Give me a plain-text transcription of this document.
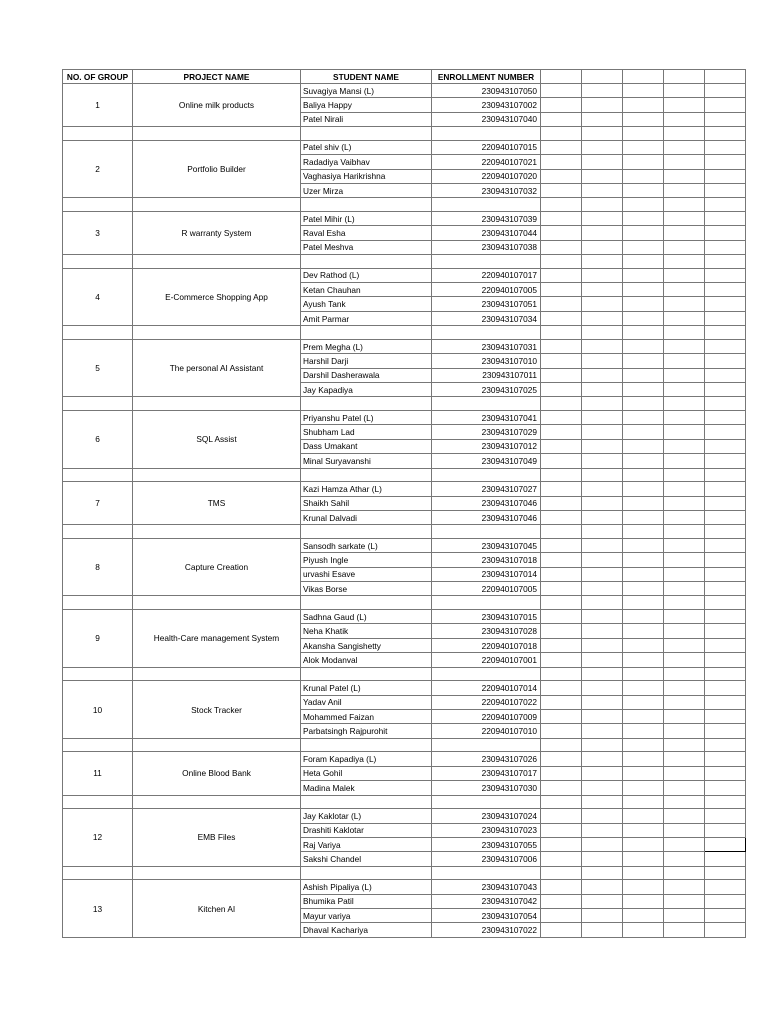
NO. OF GROUP	PROJECT NAME	STUDENT NAME	ENROLLMENT NUMBER					
1	Online milk products	Suvagiya Mansi (L)	230943107050					
		Baliya Happy	230943107002					
		Patel Nirali	230943107040					

2	Portfolio Builder	Patel shiv (L)	220940107015					
		Radadiya Vaibhav	220940107021					
		Vaghasiya Harikrishna	220940107020					
		Uzer Mirza	230943107032					

3	R warranty System	Patel Mihir (L)	230943107039					
		Raval Esha	230943107044					
		Patel Meshva	230943107038					

4	E-Commerce Shopping App	Dev Rathod (L)	220940107017					
		Ketan Chauhan	220940107005					
		Ayush Tank	230943107051					
		Amit Parmar	230943107034					

5	The personal AI Assistant	Prem Megha (L)	230943107031					
		Harshil Darji	230943107010					
		Darshil Dasherawala	230943107011					
		Jay Kapadiya	230943107025					

6	SQL Assist	Priyanshu Patel (L)	230943107041					
		Shubham Lad	230943107029					
		Dass Umakant	230943107012					
		Minal Suryavanshi	230943107049					

7	TMS	Kazi Hamza Athar (L)	230943107027					
		Shaikh Sahil	230943107046					
		Krunal Dalvadi	230943107046					

8	Capture Creation	Sansodh sarkate (L)	230943107045					
		Piyush Ingle	230943107018					
		urvashi Esave	230943107014					
		Vikas Borse	220940107005					

9	Health-Care management System	Sadhna Gaud (L)	230943107015					
		Neha Khatik	230943107028					
		Akansha Sangishetty	220940107018					
		Alok Modanval	220940107001					

10	Stock Tracker	Krunal Patel (L)	220940107014					
		Yadav Anil	220940107022					
		Mohammed Faizan	220940107009					
		Parbatsingh Rajpurohit	220940107010					

11	Online Blood Bank	Foram Kapadiya (L)	230943107026					
		Heta Gohil	230943107017					
		Madina Malek	230943107030					

12	EMB Files	Jay Kaklotar (L)	230943107024					
		Drashiti Kaklotar	230943107023					
		Raj Variya	230943107055					
		Sakshi Chandel	230943107006					

13	Kitchen AI	Ashish Pipaliya (L)	230943107043					
		Bhumika Patil	230943107042					
		Mayur variya	230943107054					
		Dhaval Kachariya	230943107022					
